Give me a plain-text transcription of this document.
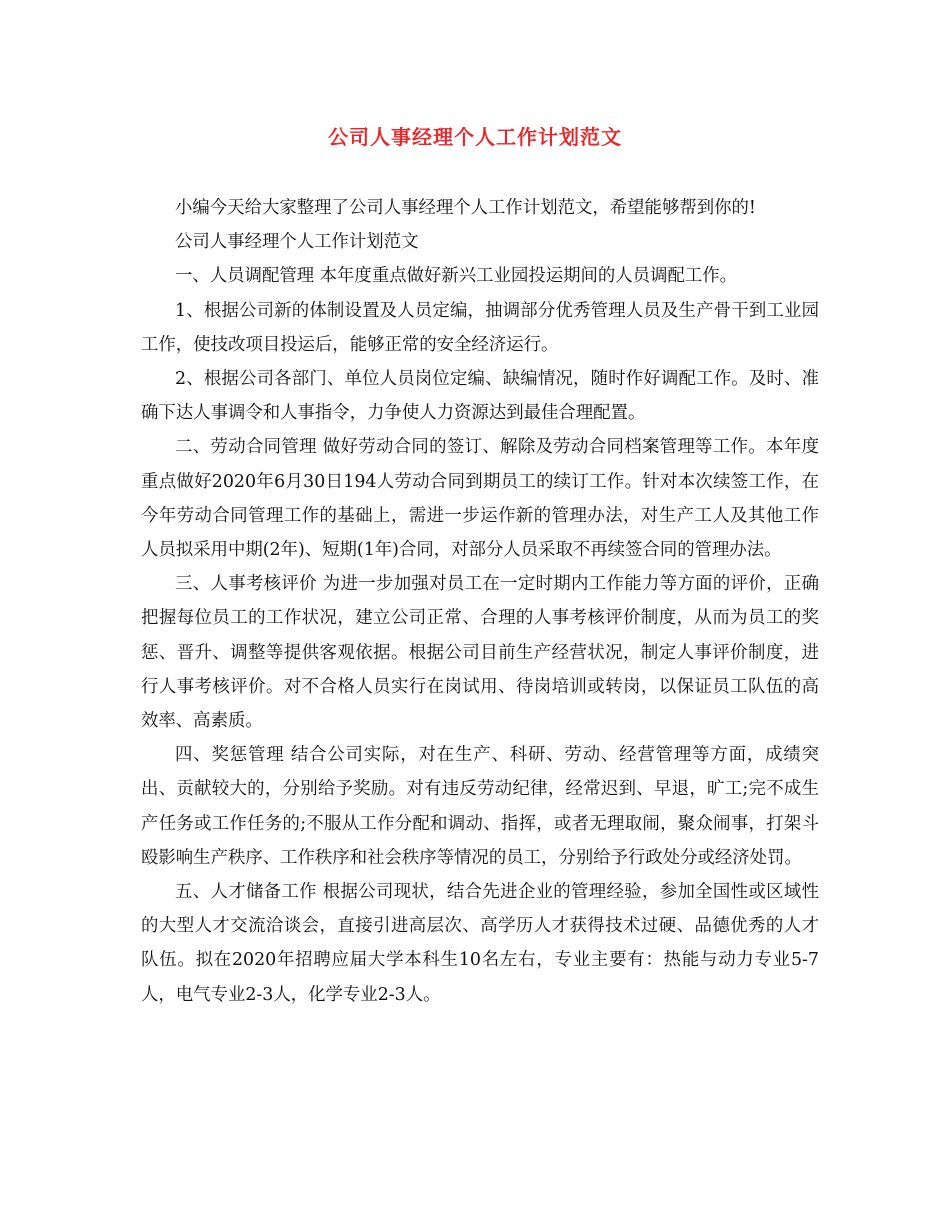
公司人事经理个人工作计划范文

小编今天给大家整理了公司人事经理个人工作计划范文，希望能够帮到你的!

公司人事经理个人工作计划范文

一、人员调配管理 本年度重点做好新兴工业园投运期间的人员调配工作。

1、根据公司新的体制设置及人员定编，抽调部分优秀管理人员及生产骨干到工业园工作，使技改项目投运后，能够正常的安全经济运行。

2、根据公司各部门、单位人员岗位定编、缺编情况，随时作好调配工作。及时、准确下达人事调令和人事指令，力争使人力资源达到最佳合理配置。

二、劳动合同管理 做好劳动合同的签订、解除及劳动合同档案管理等工作。本年度重点做好2020年6月30日194人劳动合同到期员工的续订工作。针对本次续签工作，在今年劳动合同管理工作的基础上，需进一步运作新的管理办法，对生产工人及其他工作人员拟采用中期(2年)、短期(1年)合同，对部分人员采取不再续签合同的管理办法。

三、人事考核评价 为进一步加强对员工在一定时期内工作能力等方面的评价，正确把握每位员工的工作状况，建立公司正常、合理的人事考核评价制度，从而为员工的奖惩、晋升、调整等提供客观依据。根据公司目前生产经营状况，制定人事评价制度，进行人事考核评价。对不合格人员实行在岗试用、待岗培训或转岗，以保证员工队伍的高效率、高素质。

四、奖惩管理 结合公司实际，对在生产、科研、劳动、经营管理等方面，成绩突出、贡献较大的，分别给予奖励。对有违反劳动纪律，经常迟到、早退，旷工;完不成生产任务或工作任务的;不服从工作分配和调动、指挥，或者无理取闹，聚众闹事，打架斗殴影响生产秩序、工作秩序和社会秩序等情况的员工，分别给予行政处分或经济处罚。

五、人才储备工作 根据公司现状，结合先进企业的管理经验，参加全国性或区域性的大型人才交流洽谈会，直接引进高层次、高学历人才获得技术过硬、品德优秀的人才队伍。拟在2020年招聘应届大学本科生10名左右，专业主要有：热能与动力专业5-7人，电气专业2-3人，化学专业2-3人。
